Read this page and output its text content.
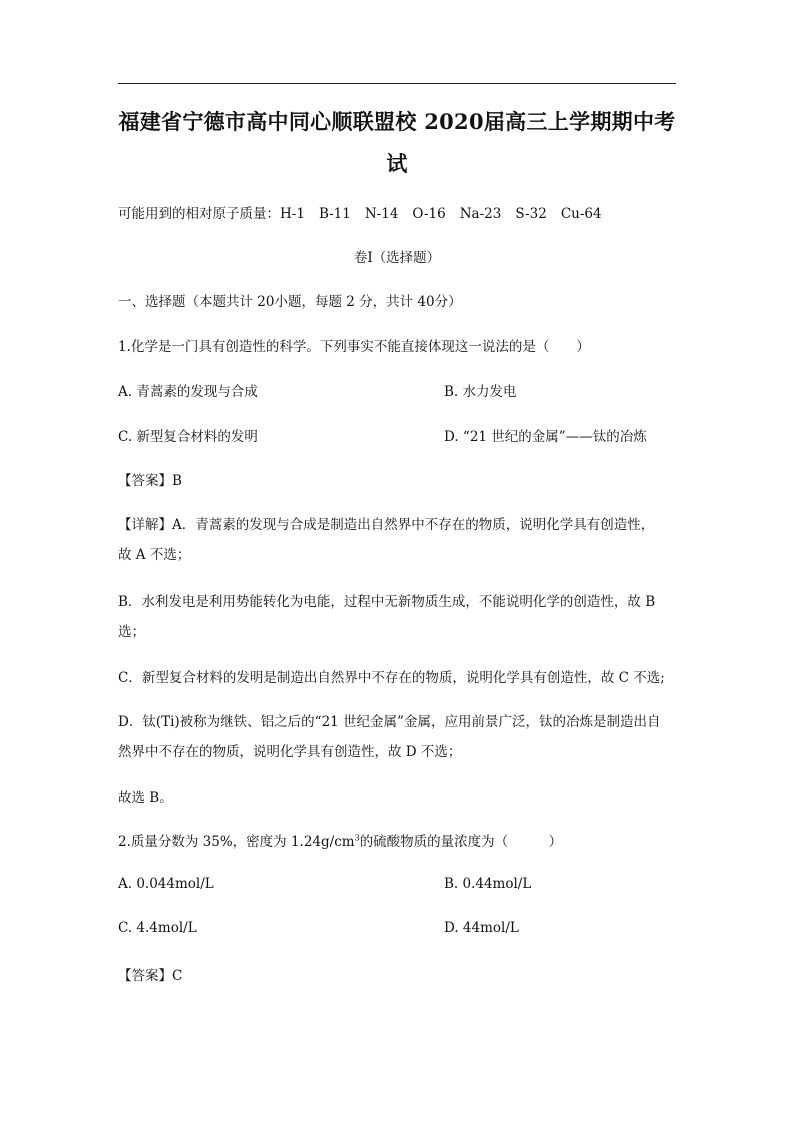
福建省宁德市高中同心顺联盟校 2020届高三上学期期中考
试

可能用到的相对原子质量：H-1 B-11 N-14 O-16 Na-23 S-32 Cu-64

卷Ⅰ（选择题）

一、选择题（本题共计 20小题，每题 2 分，共计 40分）

1.化学是一门具有创造性的科学。下列事实不能直接体现这一说法的是（　　）

A. 青蒿素的发现与合成	B. 水力发电
C. 新型复合材料的发明	D. “21 世纪的金属”——钛的冶炼

【答案】B

【详解】A．青蒿素的发现与合成是制造出自然界中不存在的物质，说明化学具有创造性，

故 A 不选；

B．水利发电是利用势能转化为电能，过程中无新物质生成，不能说明化学的创造性，故 B

选；

C．新型复合材料的发明是制造出自然界中不存在的物质，说明化学具有创造性，故 C 不选;

D．钛(Ti)被称为继铁、铝之后的“21 世纪金属”金属，应用前景广泛，钛的冶炼是制造出自

然界中不存在的物质，说明化学具有创造性，故 D 不选；

故选 B。

2.质量分数为 35%，密度为 $1.24g/cm^3$的硫酸物质的量浓度为（　　　）

A. 0.044mol/L	B. 0.44mol/L
C. 4.4mol/L	D. 44mol/L

【答案】C
